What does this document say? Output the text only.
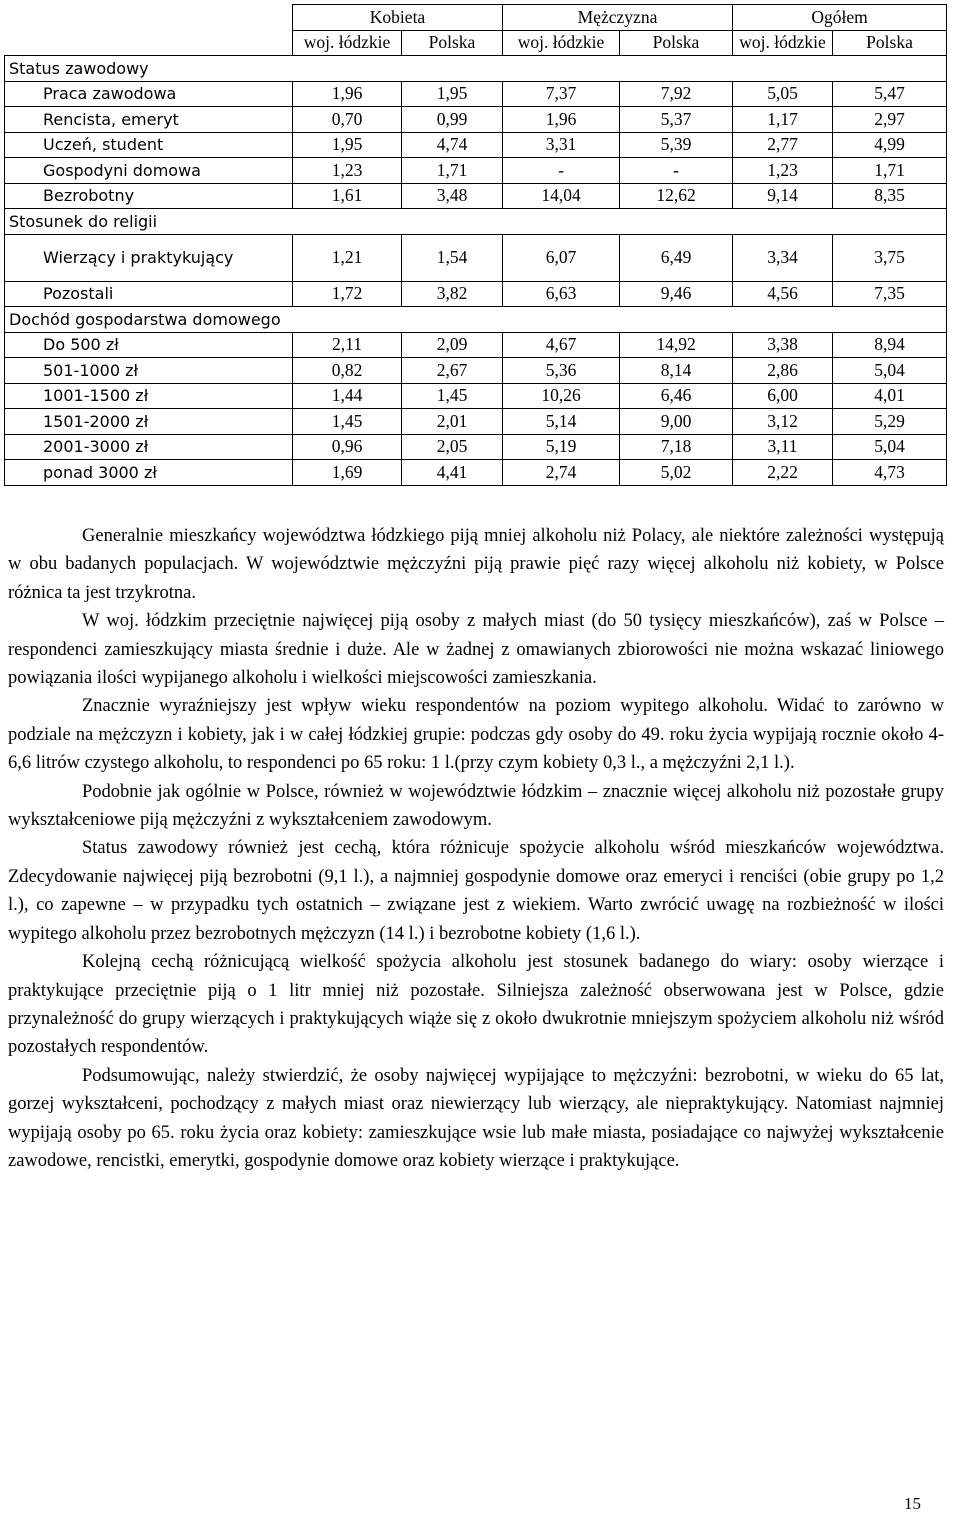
	Kobieta		Mężczyzna		Ogółem	
	woj. łódzkie	Polska	woj. łódzkie	Polska	woj. łódzkie	Polska
Status zawodowy						
Praca zawodowa	1,96	1,95	7,37	7,92	5,05	5,47
Rencista, emeryt	0,70	0,99	1,96	5,37	1,17	2,97
Uczeń, student	1,95	4,74	3,31	5,39	2,77	4,99
Gospodyni domowa	1,23	1,71	-	-	1,23	1,71
Bezrobotny	1,61	3,48	14,04	12,62	9,14	8,35
Stosunek do religii						
Wierzący i praktykujący	1,21	1,54	6,07	6,49	3,34	3,75
Pozostali	1,72	3,82	6,63	9,46	4,56	7,35
Dochód gospodarstwa domowego						
Do 500 zł	2,11	2,09	4,67	14,92	3,38	8,94
501-1000 zł	0,82	2,67	5,36	8,14	2,86	5,04
1001-1500 zł	1,44	1,45	10,26	6,46	6,00	4,01
1501-2000 zł	1,45	2,01	5,14	9,00	3,12	5,29
2001-3000 zł	0,96	2,05	5,19	7,18	3,11	5,04
ponad 3000 zł	1,69	4,41	2,74	5,02	2,22	4,73

Generalnie mieszkańcy województwa łódzkiego piją mniej alkoholu niż Polacy, ale niektóre zależności występują w obu badanych populacjach. W województwie mężczyźni piją prawie pięć razy więcej alkoholu niż kobiety, w Polsce różnica ta jest trzykrotna.

W woj. łódzkim przeciętnie najwięcej piją osoby z małych miast (do 50 tysięcy mieszkańców), zaś w Polsce – respondenci zamieszkujący miasta średnie i duże. Ale w żadnej z omawianych zbiorowości nie można wskazać liniowego powiązania ilości wypijanego alkoholu i wielkości miejscowości zamieszkania.

Znacznie wyraźniejszy jest wpływ wieku respondentów na poziom wypitego alkoholu. Widać to zarówno w podziale na mężczyzn i kobiety, jak i w całej łódzkiej grupie: podczas gdy osoby do 49. roku życia wypijają rocznie około 4-6,6 litrów czystego alkoholu, to respondenci po 65 roku: 1 l.(przy czym kobiety 0,3 l., a mężczyźni 2,1 l.).

Podobnie jak ogólnie w Polsce, również w województwie łódzkim – znacznie więcej alkoholu niż pozostałe grupy wykształceniowe piją mężczyźni z wykształceniem zawodowym.

Status zawodowy również jest cechą, która różnicuje spożycie alkoholu wśród mieszkańców województwa. Zdecydowanie najwięcej piją bezrobotni (9,1 l.), a najmniej gospodynie domowe oraz emeryci i renciści (obie grupy po 1,2 l.), co zapewne – w przypadku tych ostatnich – związane jest z wiekiem. Warto zwrócić uwagę na rozbieżność w ilości wypitego alkoholu przez bezrobotnych mężczyzn (14 l.) i bezrobotne kobiety (1,6 l.).

Kolejną cechą różnicującą wielkość spożycia alkoholu jest stosunek badanego do wiary: osoby wierzące i praktykujące przeciętnie piją o 1 litr mniej niż pozostałe. Silniejsza zależność obserwowana jest w Polsce, gdzie przynależność do grupy wierzących i praktykujących wiąże się z około dwukrotnie mniejszym spożyciem alkoholu niż wśród pozostałych respondentów.

Podsumowując, należy stwierdzić, że osoby najwięcej wypijające to mężczyźni: bezrobotni, w wieku do 65 lat, gorzej wykształceni, pochodzący z małych miast oraz niewierzący lub wierzący, ale niepraktykujący. Natomiast najmniej wypijają osoby po 65. roku życia oraz kobiety: zamieszkujące wsie lub małe miasta, posiadające co najwyżej wykształcenie zawodowe, rencistki, emerytki, gospodynie domowe oraz kobiety wierzące i praktykujące.

15
